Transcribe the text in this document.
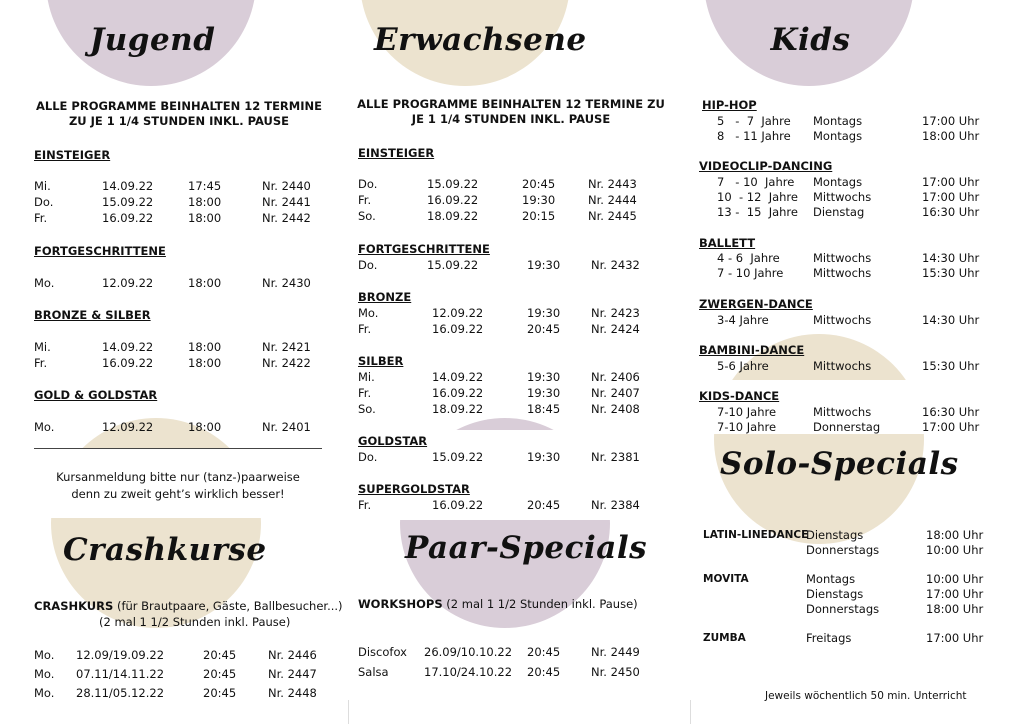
Jugend	Erwachsene	Kids
Crashkurse	Paar-Specials
Solo-Specials
ALLE PROGRAMME BEINHALTEN 12 TERMINE
ZU JE 1 1/4 STUNDEN INKL. PAUSE
EINSTEIGER
Mi.	14.09.22	17:45	Nr. 2440
Do.	15.09.22	18:00	Nr. 2441
Fr.	16.09.22	18:00	Nr. 2442
FORTGESCHRITTENE
Mo.	12.09.22	18:00	Nr. 2430
BRONZE & SILBER
Mi.	14.09.22	18:00	Nr. 2421
Fr.	16.09.22	18:00	Nr. 2422
GOLD & GOLDSTAR
Mo.	12.09.22	18:00	Nr. 2401
Kursanmeldung bitte nur (tanz-)paarweise
denn zu zweit geht’s wirklich besser!
CRASHKURS (für Brautpaare, Gäste, Ballbesucher...)
(2 mal 1 1/2 Stunden inkl. Pause)
Mo. 12.09/19.09.22	20:45	Nr. 2446
Mo. 07.11/14.11.22	20:45	Nr. 2447
Mo. 28.11/05.12.22	20:45	Nr. 2448
ALLE PROGRAMME BEINHALTEN 12 TERMINE ZU
JE 1 1/4 STUNDEN INKL. PAUSE
EINSTEIGER
Do.	15.09.22	20:45	Nr. 2443
Fr.	16.09.22	19:30	Nr. 2444
So.	18.09.22	20:15	Nr. 2445
FORTGESCHRITTENE
Do.	15.09.22	19:30	Nr. 2432
BRONZE
Mo.	12.09.22	19:30	Nr. 2423
Fr.	16.09.22	20:45	Nr. 2424
SILBER
Mi.	14.09.22	19:30	Nr. 2406
Fr.	16.09.22	19:30	Nr. 2407
So.	18.09.22	18:45	Nr. 2408
GOLDSTAR
Do.	15.09.22	19:30	Nr. 2381
SUPERGOLDSTAR
Fr.	16.09.22	20:45	Nr. 2384
WORKSHOPS (2 mal 1 1/2 Stunden inkl. Pause)
Discofox 26.09/10.10.22 20:45	Nr. 2449
Salsa	17.10/24.10.22 20:45	Nr. 2450
HIP-HOP
5   -  7  Jahre Montags	17:00 Uhr
8   - 11 Jahre Montags	18:00 Uhr
VIDEOCLIP-DANCING
7   - 10  Jahre Montags	17:00 Uhr
10  - 12  Jahre Mittwochs	17:00 Uhr
13 -  15  Jahre Dienstag	16:30 Uhr
BALLETT
4 - 6  Jahre	Mittwochs	14:30 Uhr
7 - 10 Jahre	Mittwochs	15:30 Uhr
ZWERGEN-DANCE
3-4 Jahre	Mittwochs	14:30 Uhr
BAMBINI-DANCE
5-6 Jahre	Mittwochs	15:30 Uhr
KIDS-DANCE
7-10 Jahre	Mittwochs	16:30 Uhr
7-10 Jahre	Donnerstag	17:00 Uhr
LATIN-LINEDANCE
Dienstags	18:00 Uhr
Donnerstags	10:00 Uhr
MOVITA	Montags	10:00 Uhr
Dienstags	17:00 Uhr
Donnerstags	18:00 Uhr
ZUMBA	Freitags	17:00 Uhr
Jeweils wöchentlich 50 min. Unterricht
